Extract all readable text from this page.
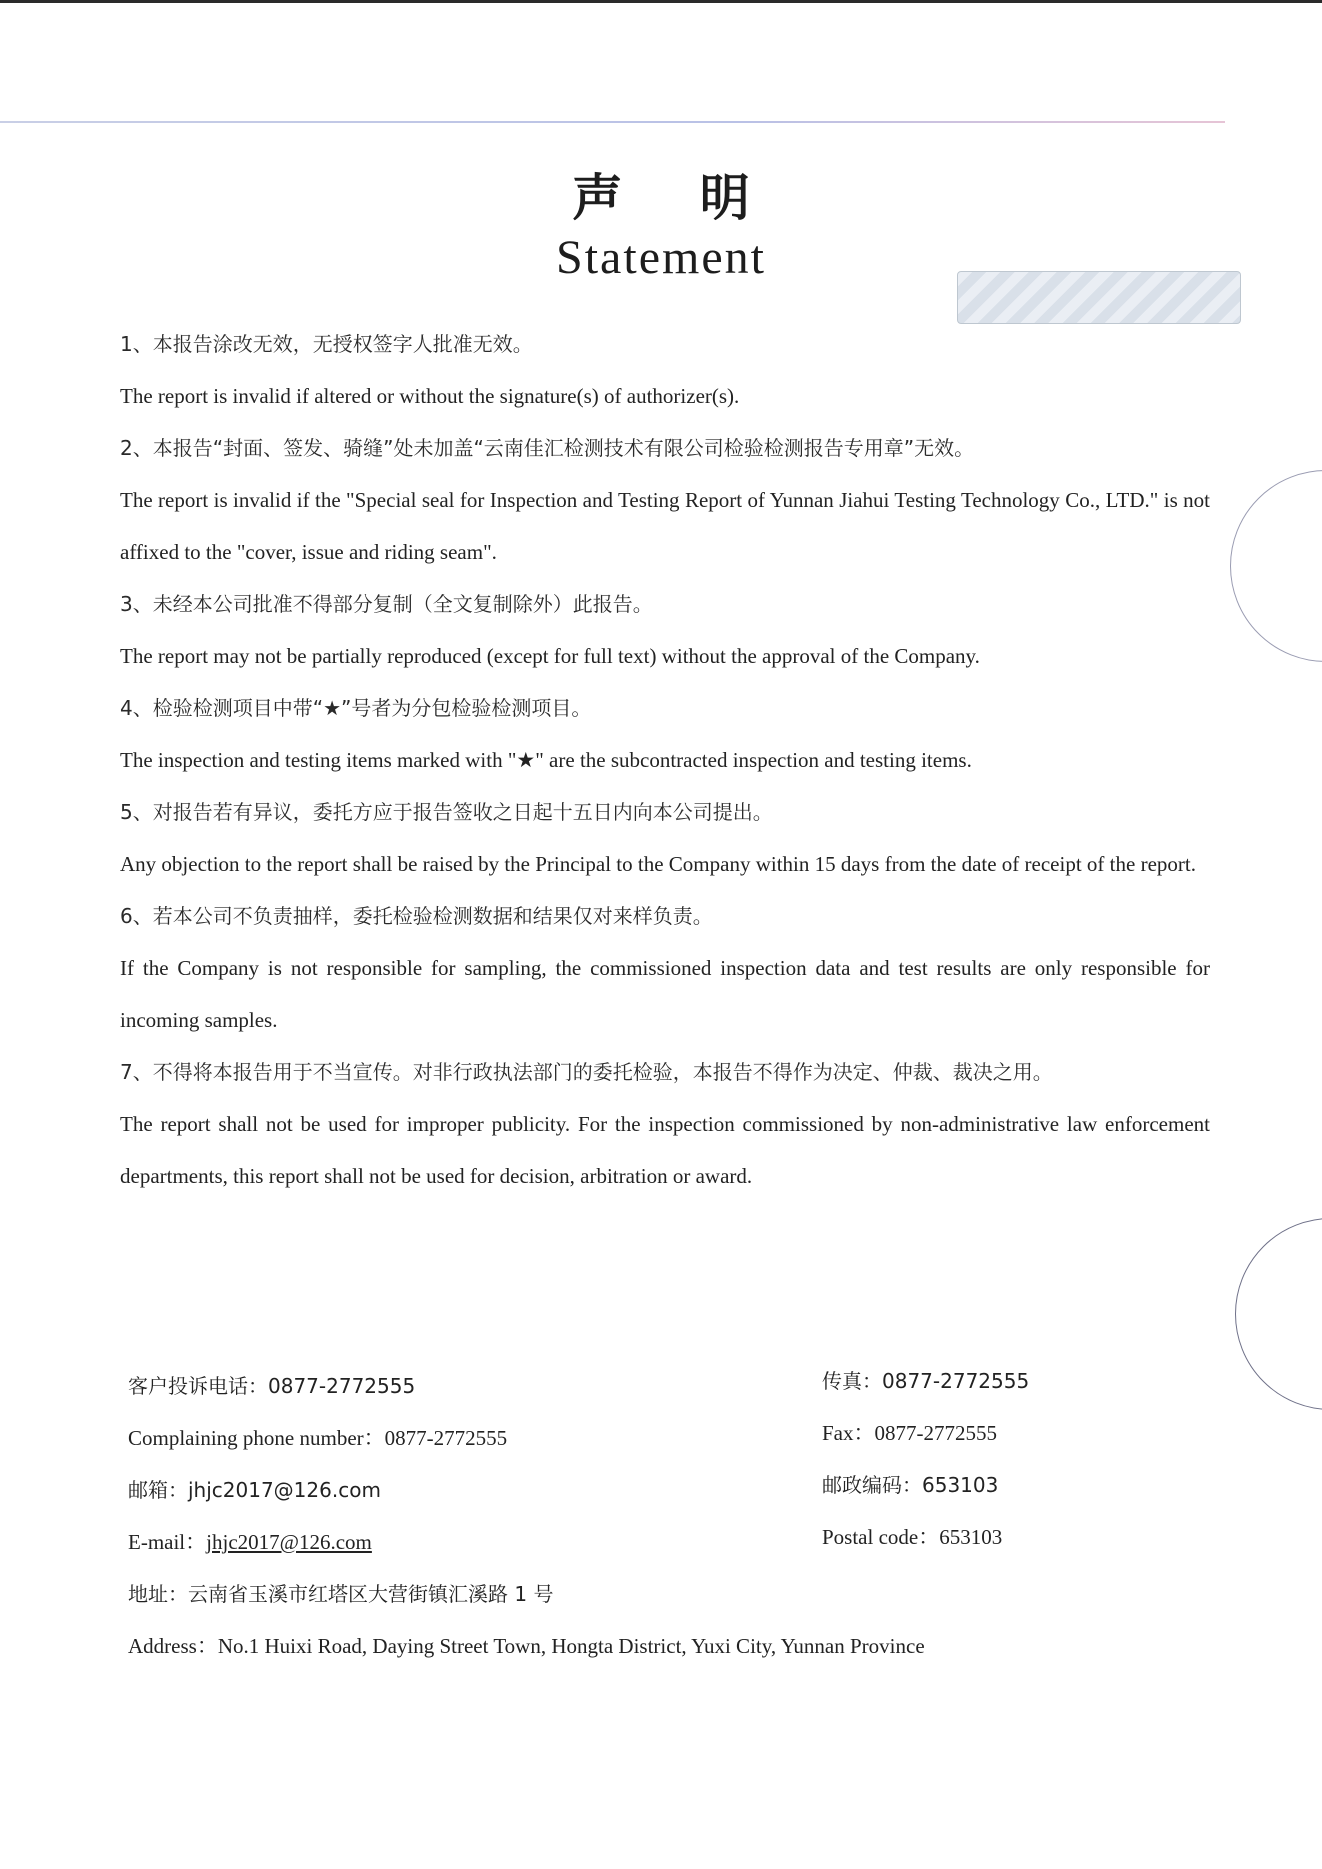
声 明
Statement
1、本报告涂改无效，无授权签字人批准无效。
The report is invalid if altered or without the signature(s) of authorizer(s).
2、本报告“封面、签发、骑缝”处未加盖“云南佳汇检测技术有限公司检验检测报告专用章”无效。
The report is invalid if the "Special seal for Inspection and Testing Report of Yunnan Jiahui Testing Technology Co., LTD." is not affixed to the "cover, issue and riding seam".
3、未经本公司批准不得部分复制（全文复制除外）此报告。
The report may not be partially reproduced (except for full text) without the approval of the Company.
4、检验检测项目中带“★”号者为分包检验检测项目。
The inspection and testing items marked with "★" are the subcontracted inspection and testing items.
5、对报告若有异议，委托方应于报告签收之日起十五日内向本公司提出。
Any objection to the report shall be raised by the Principal to the Company within 15 days from the date of receipt of the report.
6、若本公司不负责抽样，委托检验检测数据和结果仅对来样负责。
If the Company is not responsible for sampling, the commissioned inspection data and test results are only responsible for incoming samples.
7、不得将本报告用于不当宣传。对非行政执法部门的委托检验，本报告不得作为决定、仲裁、裁决之用。
The report shall not be used for improper publicity. For the inspection commissioned by non-administrative law enforcement departments, this report shall not be used for decision, arbitration or award.
客户投诉电话：0877-2772555
Complaining phone number：0877-2772555
邮箱：jhjc2017@126.com
E-mail：jhjc2017@126.com
传真：0877-2772555
Fax：0877-2772555
邮政编码：653103
Postal code：653103
地址：云南省玉溪市红塔区大营街镇汇溪路 1 号
Address：No.1 Huixi Road, Daying Street Town, Hongta District, Yuxi City, Yunnan Province
